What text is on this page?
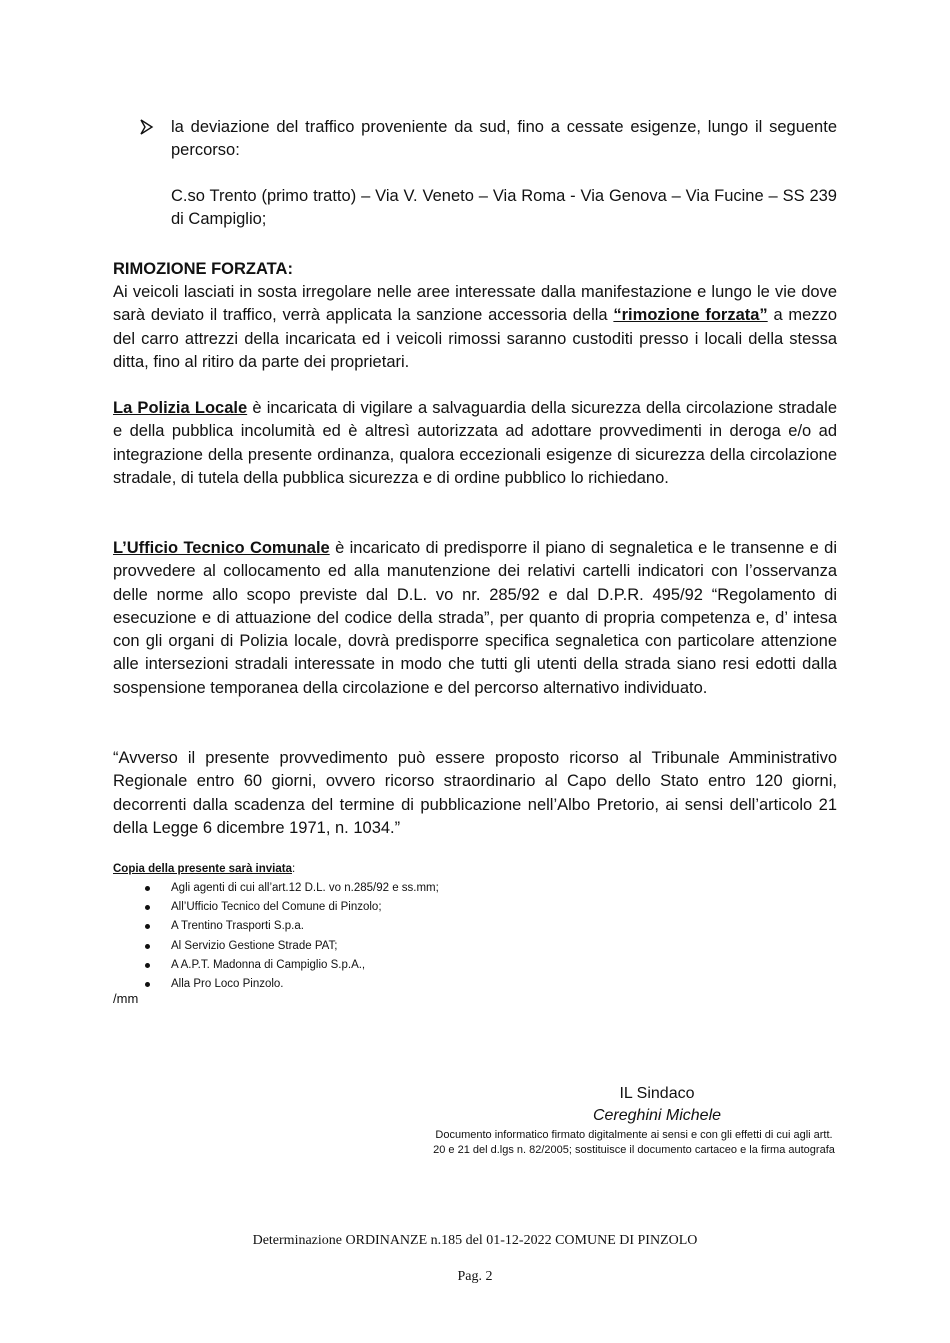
la deviazione del traffico proveniente da sud, fino a cessate esigenze, lungo il seguente percorso:
C.so Trento (primo tratto) – Via V. Veneto – Via Roma - Via Genova – Via Fucine – SS 239 di Campiglio;

RIMOZIONE FORZATA:

Ai veicoli lasciati in sosta irregolare nelle aree interessate dalla manifestazione e lungo le vie dove sarà deviato il traffico, verrà applicata la sanzione accessoria della “rimozione forzata” a mezzo del carro attrezzi della incaricata ed i veicoli rimossi saranno custoditi presso i locali della stessa ditta, fino al ritiro da parte dei proprietari.

La Polizia Locale è incaricata di vigilare a salvaguardia della sicurezza della circolazione stradale e della pubblica incolumità ed è altresì autorizzata ad adottare provvedimenti in deroga e/o ad integrazione della presente ordinanza, qualora eccezionali esigenze di sicurezza della circolazione stradale, di tutela della pubblica sicurezza e di ordine pubblico lo richiedano.

L’Ufficio Tecnico Comunale è incaricato di predisporre il piano di segnaletica e le transenne e di provvedere al collocamento ed alla manutenzione dei relativi cartelli indicatori con l’osservanza delle norme allo scopo previste dal D.L. vo nr. 285/92 e dal D.P.R. 495/92 “Regolamento di esecuzione e di attuazione del codice della strada”, per quanto di propria competenza e, d’ intesa con gli organi di Polizia locale, dovrà predisporre specifica segnaletica con particolare attenzione alle intersezioni stradali interessate in modo che tutti gli utenti della strada siano resi edotti dalla sospensione temporanea della circolazione e del percorso alternativo individuato.

“Avverso il presente provvedimento può essere proposto ricorso al Tribunale Amministrativo Regionale entro 60 giorni, ovvero ricorso straordinario al Capo dello Stato entro 120 giorni, decorrenti dalla scadenza del termine di pubblicazione nell’Albo Pretorio, ai sensi dell’articolo 21 della Legge 6 dicembre 1971, n. 1034.”

Copia della presente sarà inviata:
Agli agenti di cui all’art.12 D.L. vo n.285/92 e ss.mm;
All’Ufficio Tecnico del Comune di Pinzolo;
A Trentino Trasporti S.p.a.
Al Servizio Gestione Strade PAT;
A A.P.T. Madonna di Campiglio S.p.A.,
Alla Pro Loco Pinzolo.
/mm
IL Sindaco
Cereghini Michele
Documento informatico firmato digitalmente ai sensi e con gli effetti di cui agli artt. 20 e 21 del d.lgs n. 82/2005; sostituisce il documento cartaceo e la firma autografa
Determinazione ORDINANZE n.185 del 01-12-2022 COMUNE DI PINZOLO
Pag. 2
